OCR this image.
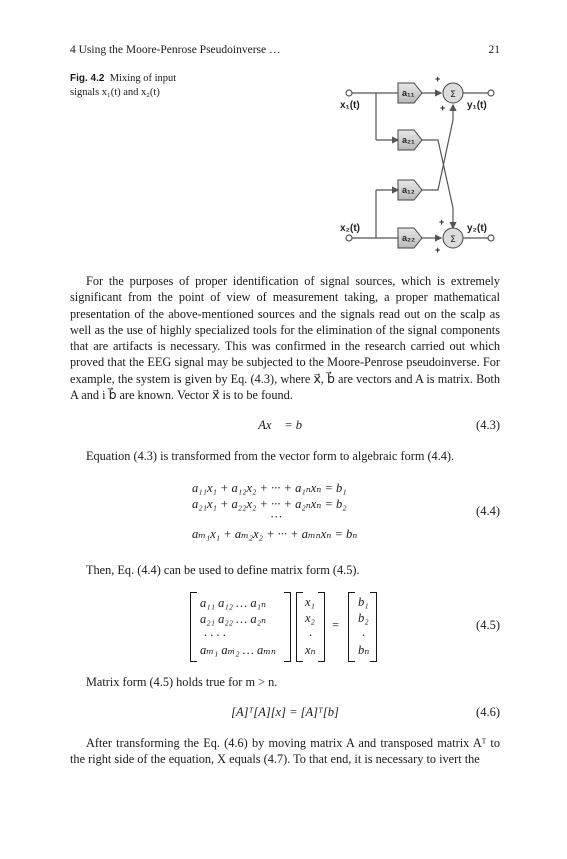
4 Using the Moore-Penrose Pseudoinverse …	21
Fig. 4.2 Mixing of input signals x₁(t) and x₂(t)	a₁₁
a₂₁
a₁₂
a₂₂
Σ
Σ
+
+
+
+
x₁(t)
x₂(t)
y₁(t)
y₂(t)

For the purposes of proper identification of signal sources, which is extremely significant from the point of view of measurement taking, a proper mathematical presentation of the above-mentioned sources and the signals read out on the scalp as well as the use of highly specialized tools for the elimination of the signal components that are artifacts is necessary. This was confirmed in the research carried out which proved that the EEG signal may be subjected to the Moore-Penrose pseudoinverse. For example, the system is given by Eq. (4.3), where x⃗, b⃗ are vectors and A is matrix. Both A and i b⃗ are known. Vector x⃗ is to be found.

Ax⃗ = b⃗	(4.3)

Equation (4.3) is transformed from the vector form to algebraic form (4.4).

a₁₁x₁ + a₁₂x₂ + ··· + a₁ₙxₙ = b₁
a₂₁x₁ + a₂₂x₂ + ··· + a₂ₙxₙ = b₂
···
aₘ₁x₁ + aₘ₂x₂ + ··· + aₘₙxₙ = bₙ
(4.4)

Then, Eq. (4.4) can be used to define matrix form (4.5).

a₁₁ a₁₂ … a₁ₙ
a₂₁ a₂₂ … a₂ₙ
. . . .
aₘ₁ aₘ₂ … aₘₙ
x₁
x₂
.
xₙ
=
b₁
b₂
.
bₙ
(4.5)

Matrix form (4.5) holds true for m > n.

[A]ᵀ[A][x] = [A]ᵀ[b]	(4.6)

After transforming the Eq. (4.6) by moving matrix A and transposed matrix Aᵀ to the right side of the equation, X equals (4.7). To that end, it is necessary to ivert the
